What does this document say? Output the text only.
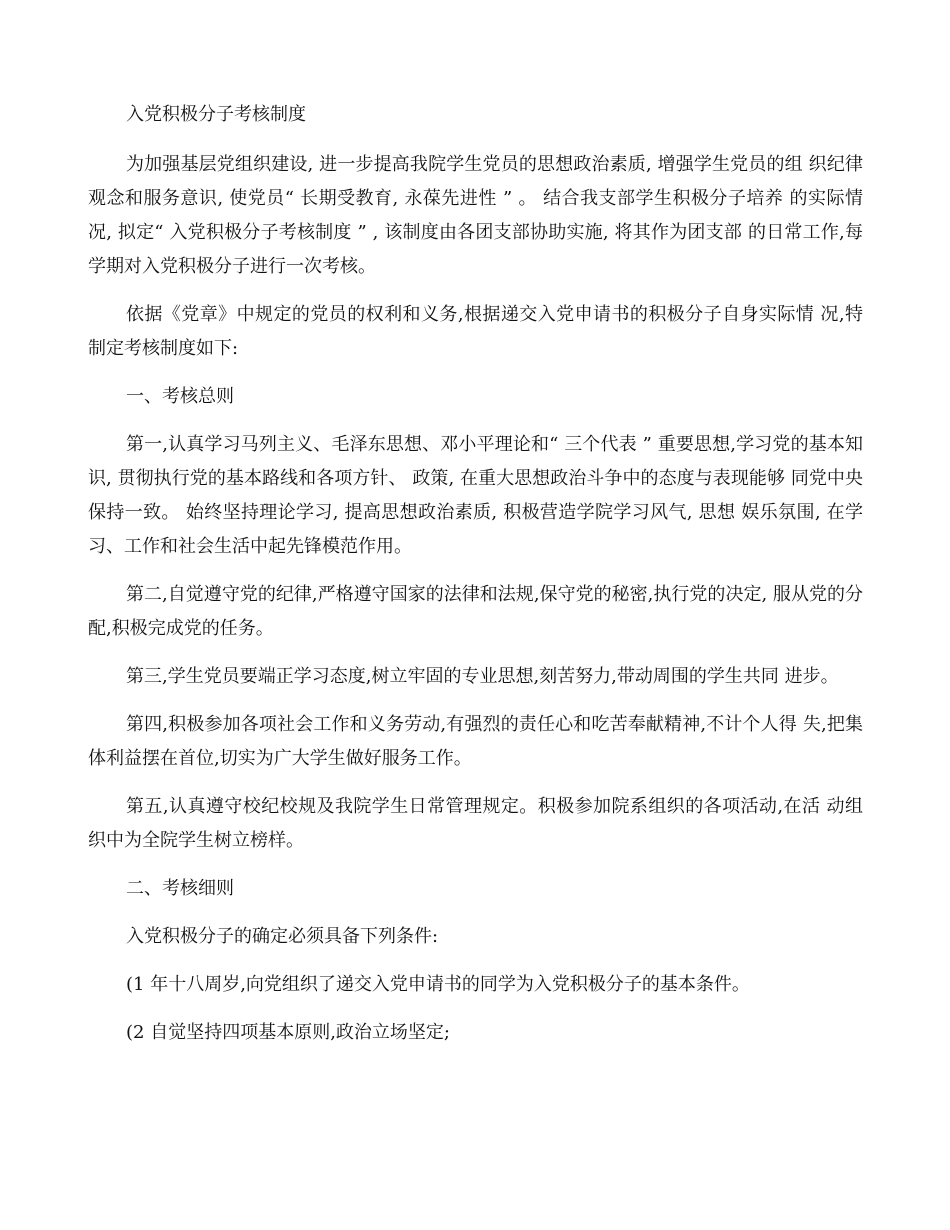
入党积极分子考核制度

为加强基层党组织建设, 进一步提高我院学生党员的思想政治素质, 增强学生党员的组 织纪律观念和服务意识, 使党员“ 长期受教育, 永葆先进性 ” 。 结合我支部学生积极分子培养 的实际情况, 拟定“ 入党积极分子考核制度 ” , 该制度由各团支部协助实施, 将其作为团支部 的日常工作,每学期对入党积极分子进行一次考核。

依据《党章》中规定的党员的权利和义务,根据递交入党申请书的积极分子自身实际情 况,特制定考核制度如下:

一、考核总则

第一,认真学习马列主义、毛泽东思想、邓小平理论和“ 三个代表 ” 重要思想,学习党的基本知识, 贯彻执行党的基本路线和各项方针、 政策, 在重大思想政治斗争中的态度与表现能够 同党中央保持一致。 始终坚持理论学习, 提高思想政治素质, 积极营造学院学习风气, 思想 娱乐氛围, 在学习、工作和社会生活中起先锋模范作用。

第二,自觉遵守党的纪律,严格遵守国家的法律和法规,保守党的秘密,执行党的决定, 服从党的分配,积极完成党的任务。

第三,学生党员要端正学习态度,树立牢固的专业思想,刻苦努力,带动周围的学生共同 进步。

第四,积极参加各项社会工作和义务劳动,有强烈的责任心和吃苦奉献精神,不计个人得 失,把集体利益摆在首位,切实为广大学生做好服务工作。

第五,认真遵守校纪校规及我院学生日常管理规定。积极参加院系组织的各项活动,在活 动组织中为全院学生树立榜样。

二、考核细则

入党积极分子的确定必须具备下列条件:

(1 年十八周岁,向党组织了递交入党申请书的同学为入党积极分子的基本条件。

(2 自觉坚持四项基本原则,政治立场坚定;
